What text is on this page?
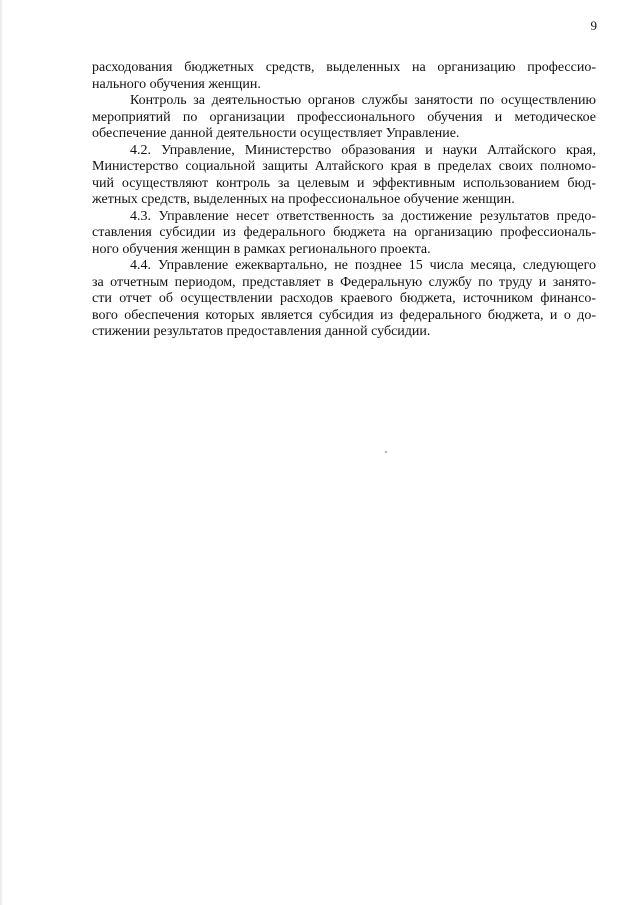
9

расходования бюджетных средств, выделенных на организацию профессио-
нального обучения женщин.

Контроль за деятельностью органов службы занятости по осуществлению
мероприятий по организации профессионального обучения и методическое
обеспечение данной деятельности осуществляет Управление.

4.2. Управление, Министерство образования и науки Алтайского края,
Министерство социальной защиты Алтайского края в пределах своих полномо-
чий осуществляют контроль за целевым и эффективным использованием бюд-
жетных средств, выделенных на профессиональное обучение женщин.

4.3. Управление несет ответственность за достижение результатов предо-
ставления субсидии из федерального бюджета на организацию профессиональ-
ного обучения женщин в рамках регионального проекта.

4.4. Управление ежеквартально, не позднее 15 числа месяца, следующего
за отчетным периодом, представляет в Федеральную службу по труду и занято-
сти отчет об осуществлении расходов краевого бюджета, источником финансо-
вого обеспечения которых является субсидия из федерального бюджета, и о до-
стижении результатов предоставления данной субсидии.
